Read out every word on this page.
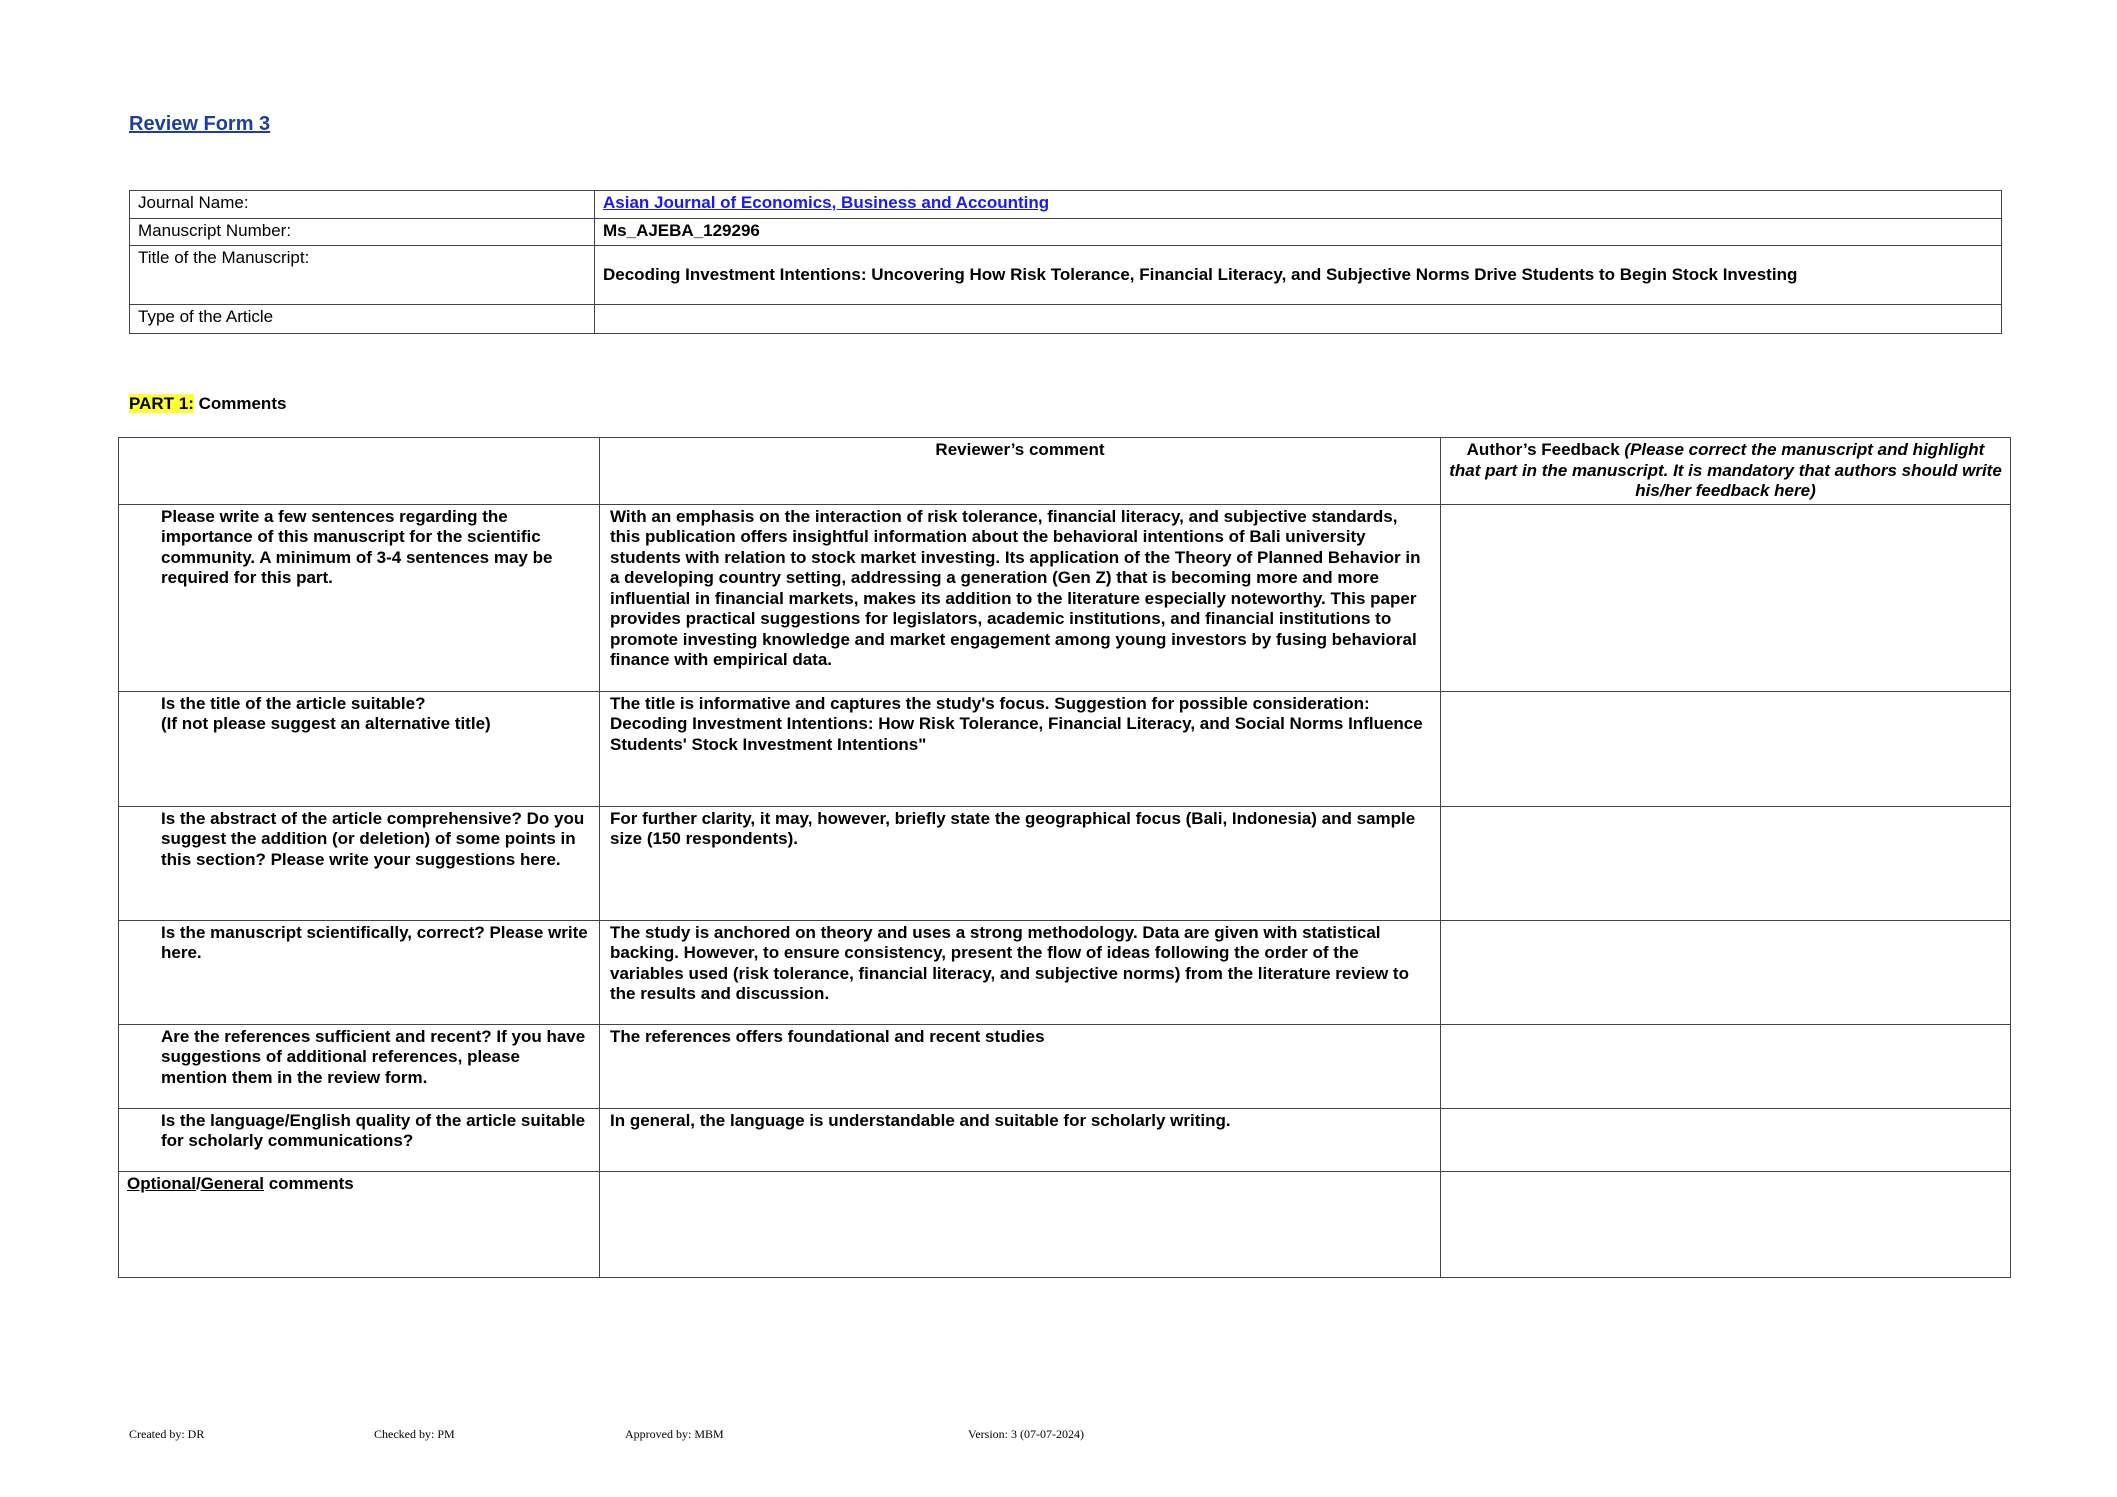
Review Form 3
Journal Name:	Asian Journal of Economics, Business and Accounting
Manuscript Number:	Ms_AJEBA_129296
Title of the Manuscript:	Decoding Investment Intentions: Uncovering How Risk Tolerance, Financial Literacy, and Subjective Norms Drive Students to Begin Stock Investing
Type of the Article	
PART 1: Comments
	Reviewer’s comment	Author’s Feedback (Please correct the manuscript and highlight that part in the manuscript. It is mandatory that authors should write his/her feedback here)
Please write a few sentences regarding the importance of this manuscript for the scientific community. A minimum of 3-4 sentences may be required for this part.	With an emphasis on the interaction of risk tolerance, financial literacy, and subjective standards, this publication offers insightful information about the behavioral intentions of Bali university students with relation to stock market investing. Its application of the Theory of Planned Behavior in a developing country setting, addressing a generation (Gen Z) that is becoming more and more influential in financial markets, makes its addition to the literature especially noteworthy. This paper provides practical suggestions for legislators, academic institutions, and financial institutions to promote investing knowledge and market engagement among young investors by fusing behavioral finance with empirical data.	

Is the title of the article suitable?
(If not please suggest an alternative title)	The title is informative and captures the study's focus. Suggestion for possible consideration: Decoding Investment Intentions: How Risk Tolerance, Financial Literacy, and Social Norms Influence Students' Stock Investment Intentions"	
Is the abstract of the article comprehensive? Do you suggest the addition (or deletion) of some points in this section? Please write your suggestions here.	For further clarity, it may, however, briefly state the geographical focus (Bali, Indonesia) and sample size (150 respondents).	
Is the manuscript scientifically, correct? Please write here.	The study is anchored on theory and uses a strong methodology. Data are given with statistical backing. However, to ensure consistency, present the flow of ideas following the order of the variables used (risk tolerance, financial literacy, and subjective norms) from the literature review to the results and discussion.	
Are the references sufficient and recent? If you have suggestions of additional references, please mention them in the review form.	The references offers foundational and recent studies	
Is the language/English quality of the article suitable for scholarly communications?	In general, the language is understandable and suitable for scholarly writing.	
Optional/General comments		
Created by: DR	Checked by: PM	Approved by: MBM	Version: 3 (07-07-2024)
